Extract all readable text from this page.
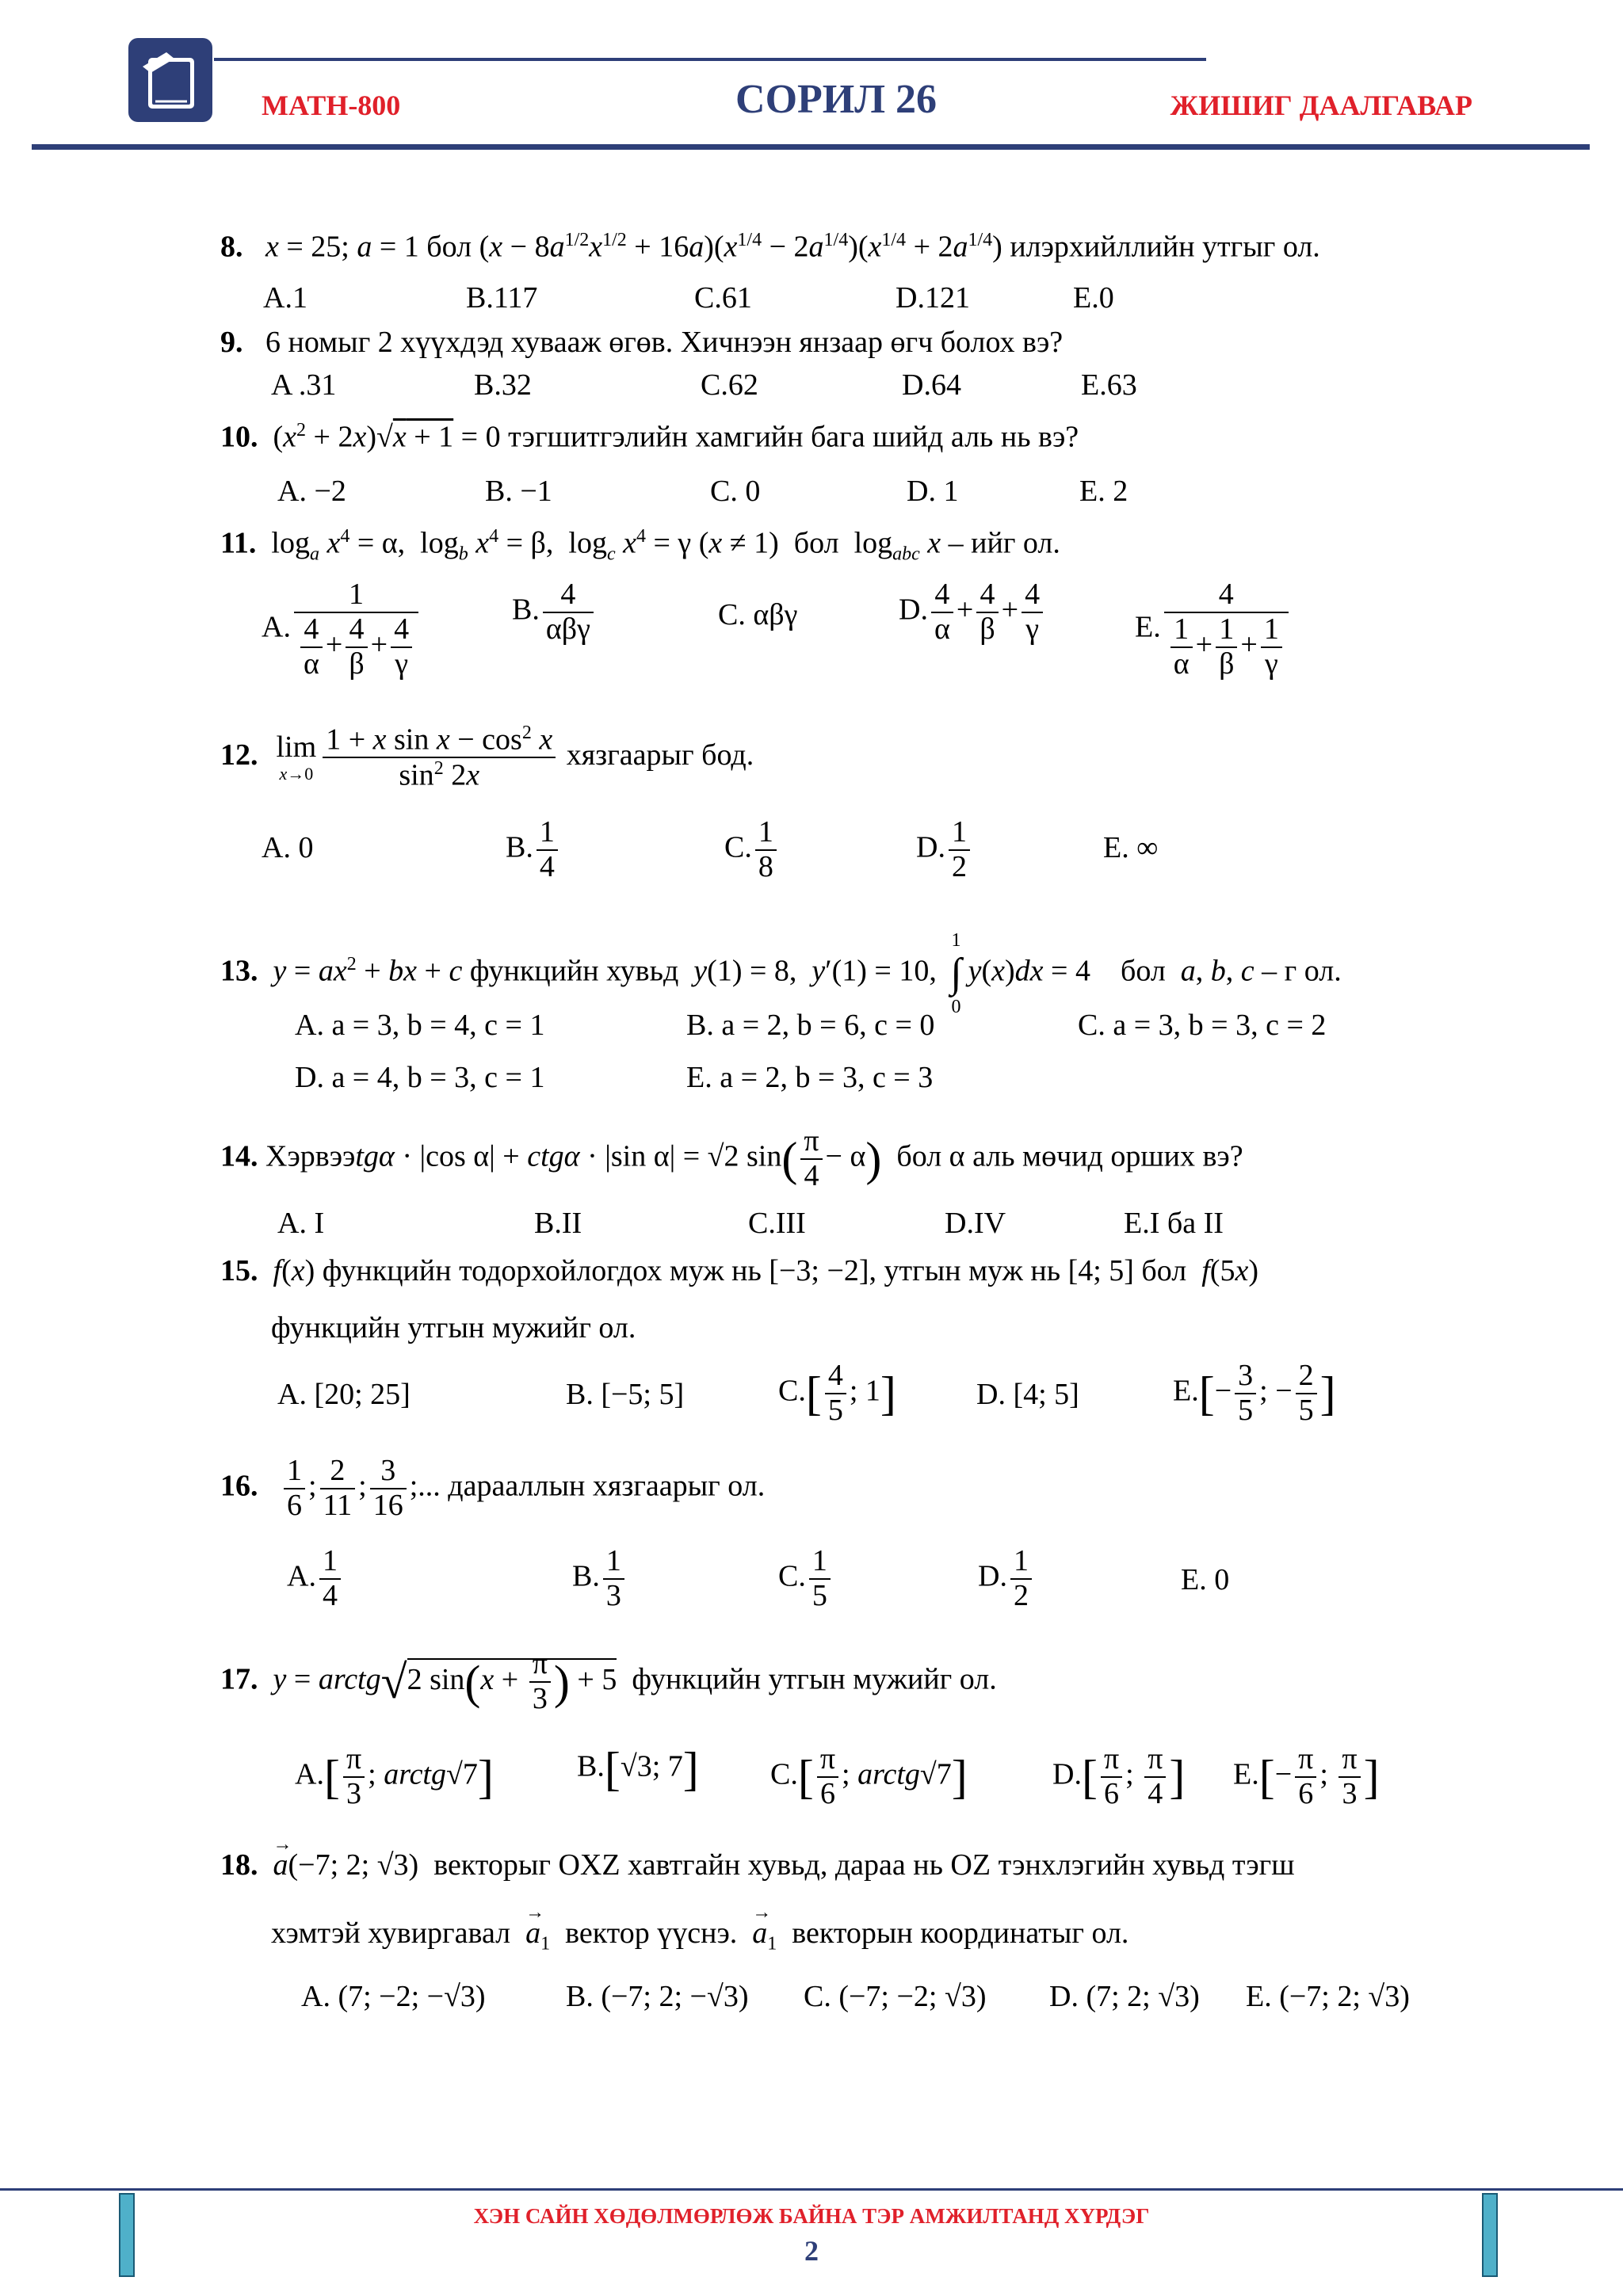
MATH-800	СОРИЛ 26	ЖИШИГ ДААЛГАВАР
8. x = 25; a = 1 бол $(x - 8a^{1/2}x^{1/2} + 16a)(x^{1/4} - 2a^{1/4})(x^{1/4} + 2a^{1/4})$ илэрхийллийн утгыг ол.
A.1	B.117	C.61	D.121	E.0
9. 6 номыг 2 хүүхдэд хувааж өгөв. Хичнээн янзаар өгч болох вэ?
A .31	B.32	C.62	D.64	E.63
10.  $(x^2 + 2x)√x + 1 = 0$ тэгшитгэлийн хамгийн бага шийд аль нь вэ?
A. −2	B. −1	C. 0	D. 1	E. 2
11.  $\log_a x^4 = \alpha$,  $\log_b x^4 = \beta$,  $\log_c x^4 = \gamma$ (x ≠ 1)  бол  $\log_{abc} x$ – ийг ол.
A. $\frac{1}{\frac{4}{\alpha} + \frac{4}{\beta} + \frac{4}{\gamma}}$	B. $\frac{4}{\text{αβγ}}$	C. αβγ	D. $\frac{4}{\alpha} + \frac{4}{\beta} + \frac{4}{\gamma}$	E. $\frac{4}{\frac{1}{\alpha} + \frac{1}{\beta} + \frac{1}{\gamma}}$
12. lim
$x\to 0 \frac{1 + x \sin x - \cos^2 x}{\sin^2 2x}$ хязгаарыг бод.
A. 0	B. $\frac{1}{4}$	C. $\frac{1}{8}$	D. $\frac{1}{2}$	E. ∞
13. $y = ax^2$ + bx + c функцийн хувьд y(1) = 8,  y′(1) = 10,
1
∫
0
y(x)dx = 4    бол a, b, c – г ол.
A. a = 3, b = 4, c = 1	B. a = 2, b = 6, c = 0	C. a = 3, b = 3, c = 2
D. a = 4, b = 3, c = 1	E. a = 2, b = 3, c = 3
14. Хэрвээtgα · |cos α| + ctgα · |sin α| = √2 $\sin( \frac{\pi}{4} - \alpha)$ бол α аль мөчид орших вэ?
A. I	B.II	C.III	D.IV	E.I ба II
15. f(x) функцийн тодорхойлогдох муж нь [−3; −2], утгын муж нь [4; 5] бол f(5x)
функцийн утгын мужийг ол.
A. [20; 25]	B. [−5; 5]	$C.[ \frac{4}{5}$ ; 1]	D. [4; 5]	$E.[- \frac{3}{5}$ ; − $\frac{2}{5}$ ]
16. $\frac{1}{6}$ ; $\frac{2}{11}$ ; $\frac{3}{16}$ ;... дарааллын хязгаарыг ол.
A. $\frac{1}{4}$	B. $\frac{1}{3}$	C. $\frac{1}{5}$	D. $\frac{1}{2}$	E. 0
17. y = arctg√2 $\sin(x + \frac{\pi}{3}$ ) + 5 функцийн утгын мужийг ол.
$A.[ \frac{\pi}{3}$ ; arctg√7]	B.[√3; 7] $C.[ \frac{\pi}{6}$ ; arctg√7]	$D.[ \frac{\pi}{6}$ ; $\frac{\pi}{4}$ ] $E.[- \frac{\pi}{6}$ ; $\frac{\pi}{3}$ ]
18. a
→
(−7; 2; √3)  векторыг OXZ хавтгайн хувьд, дараа нь OZ тэнхлэгийн хувьд тэгш
хэмтэй хувиргавал $a_1$
→
вектор үүснэ. $a_1$
→
векторын координатыг ол.
A. (7; −2; −√3)	B. (−7; 2; −√3) C. (−7; −2; √3) D. (7; 2; √3) E. (−7; 2; √3)
ХЭН САЙН ХӨДӨЛМӨРЛӨЖ БАЙНА ТЭР АМЖИЛТАНД ХҮРДЭГ
2
